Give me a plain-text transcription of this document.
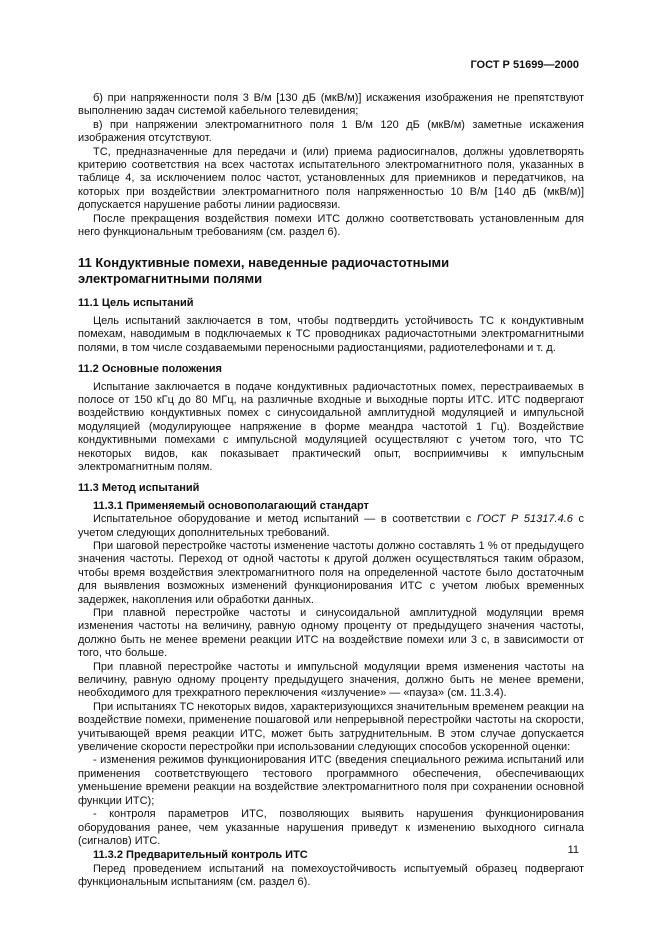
ГОСТ Р 51699—2000

б) при напряженности поля 3 В/м [130 дБ (мкВ/м)] искажения изображения не препятствуют выполнению задач системой кабельного телевидения;

в) при напряжении электромагнитного поля 1 В/м 120 дБ (мкВ/м) заметные искажения изображения отсутствуют.

ТС, предназначенные для передачи и (или) приема радиосигналов, должны удовлетворять критерию соответствия на всех частотах испытательного электромагнитного поля, указанных в таблице 4, за исключением полос частот, установленных для приемников и передатчиков, на которых при воздействии электромагнитного поля напряженностью 10 В/м [140 дБ (мкВ/м)] допускается нарушение работы линии радиосвязи.

После прекращения воздействия помехи ИТС должно соответствовать установленным для него функциональным требованиям (см. раздел 6).

11 Кондуктивные помехи, наведенные радиочастотными электромагнитными полями

11.1 Цель испытаний

Цель испытаний заключается в том, чтобы подтвердить устойчивость ТС к кондуктивным помехам, наводимым в подключаемых к ТС проводниках радиочастотными электромагнитными полями, в том числе создаваемыми переносными радиостанциями, радиотелефонами и т. д.

11.2 Основные положения

Испытание заключается в подаче кондуктивных радиочастотных помех, перестраиваемых в полосе от 150 кГц до 80 МГц, на различные входные и выходные порты ИТС. ИТС подвергают воздействию кондуктивных помех с синусоидальной амплитудной модуляцией и импульсной модуляцией (модулирующее напряжение в форме меандра частотой 1 Гц). Воздействие кондуктивными помехами с импульсной модуляцией осуществляют с учетом того, что ТС некоторых видов, как показывает практический опыт, восприимчивы к импульсным электромагнитным полям.

11.3 Метод испытаний

11.3.1 Применяемый основополагающий стандарт

Испытательное оборудование и метод испытаний — в соответствии с ГОСТ Р 51317.4.6 с учетом следующих дополнительных требований.

При шаговой перестройке частоты изменение частоты должно составлять 1 % от предыдущего значения частоты. Переход от одной частоты к другой должен осуществляться таким образом, чтобы время воздействия электромагнитного поля на определенной частоте было достаточным для выявления возможных изменений функционирования ИТС с учетом любых временных задержек, накопления или обработки данных.

При плавной перестройке частоты и синусоидальной амплитудной модуляции время изменения частоты на величину, равную одному проценту от предыдущего значения частоты, должно быть не менее времени реакции ИТС на воздействие помехи или 3 с, в зависимости от того, что больше.

При плавной перестройке частоты и импульсной модуляции время изменения частоты на величину, равную одному проценту предыдущего значения, должно быть не менее времени, необходимого для трехкратного переключения «излучение» — «пауза» (см. 11.3.4).

При испытаниях ТС некоторых видов, характеризующихся значительным временем реакции на воздействие помехи, применение пошаговой или непрерывной перестройки частоты на скорости, учитывающей время реакции ИТС, может быть затруднительным. В этом случае допускается увеличение скорости перестройки при использовании следующих способов ускоренной оценки:

- изменения режимов функционирования ИТС (введения специального режима испытаний или применения соответствующего тестового программного обеспечения, обеспечивающих уменьшение времени реакции на воздействие электромагнитного поля при сохранении основной функции ИТС);

- контроля параметров ИТС, позволяющих выявить нарушения функционирования оборудования ранее, чем указанные нарушения приведут к изменению выходного сигнала (сигналов) ИТС.

11.3.2 Предварительный контроль ИТС

Перед проведением испытаний на помехоустойчивость испытуемый образец подвергают функциональным испытаниям (см. раздел 6).

11
